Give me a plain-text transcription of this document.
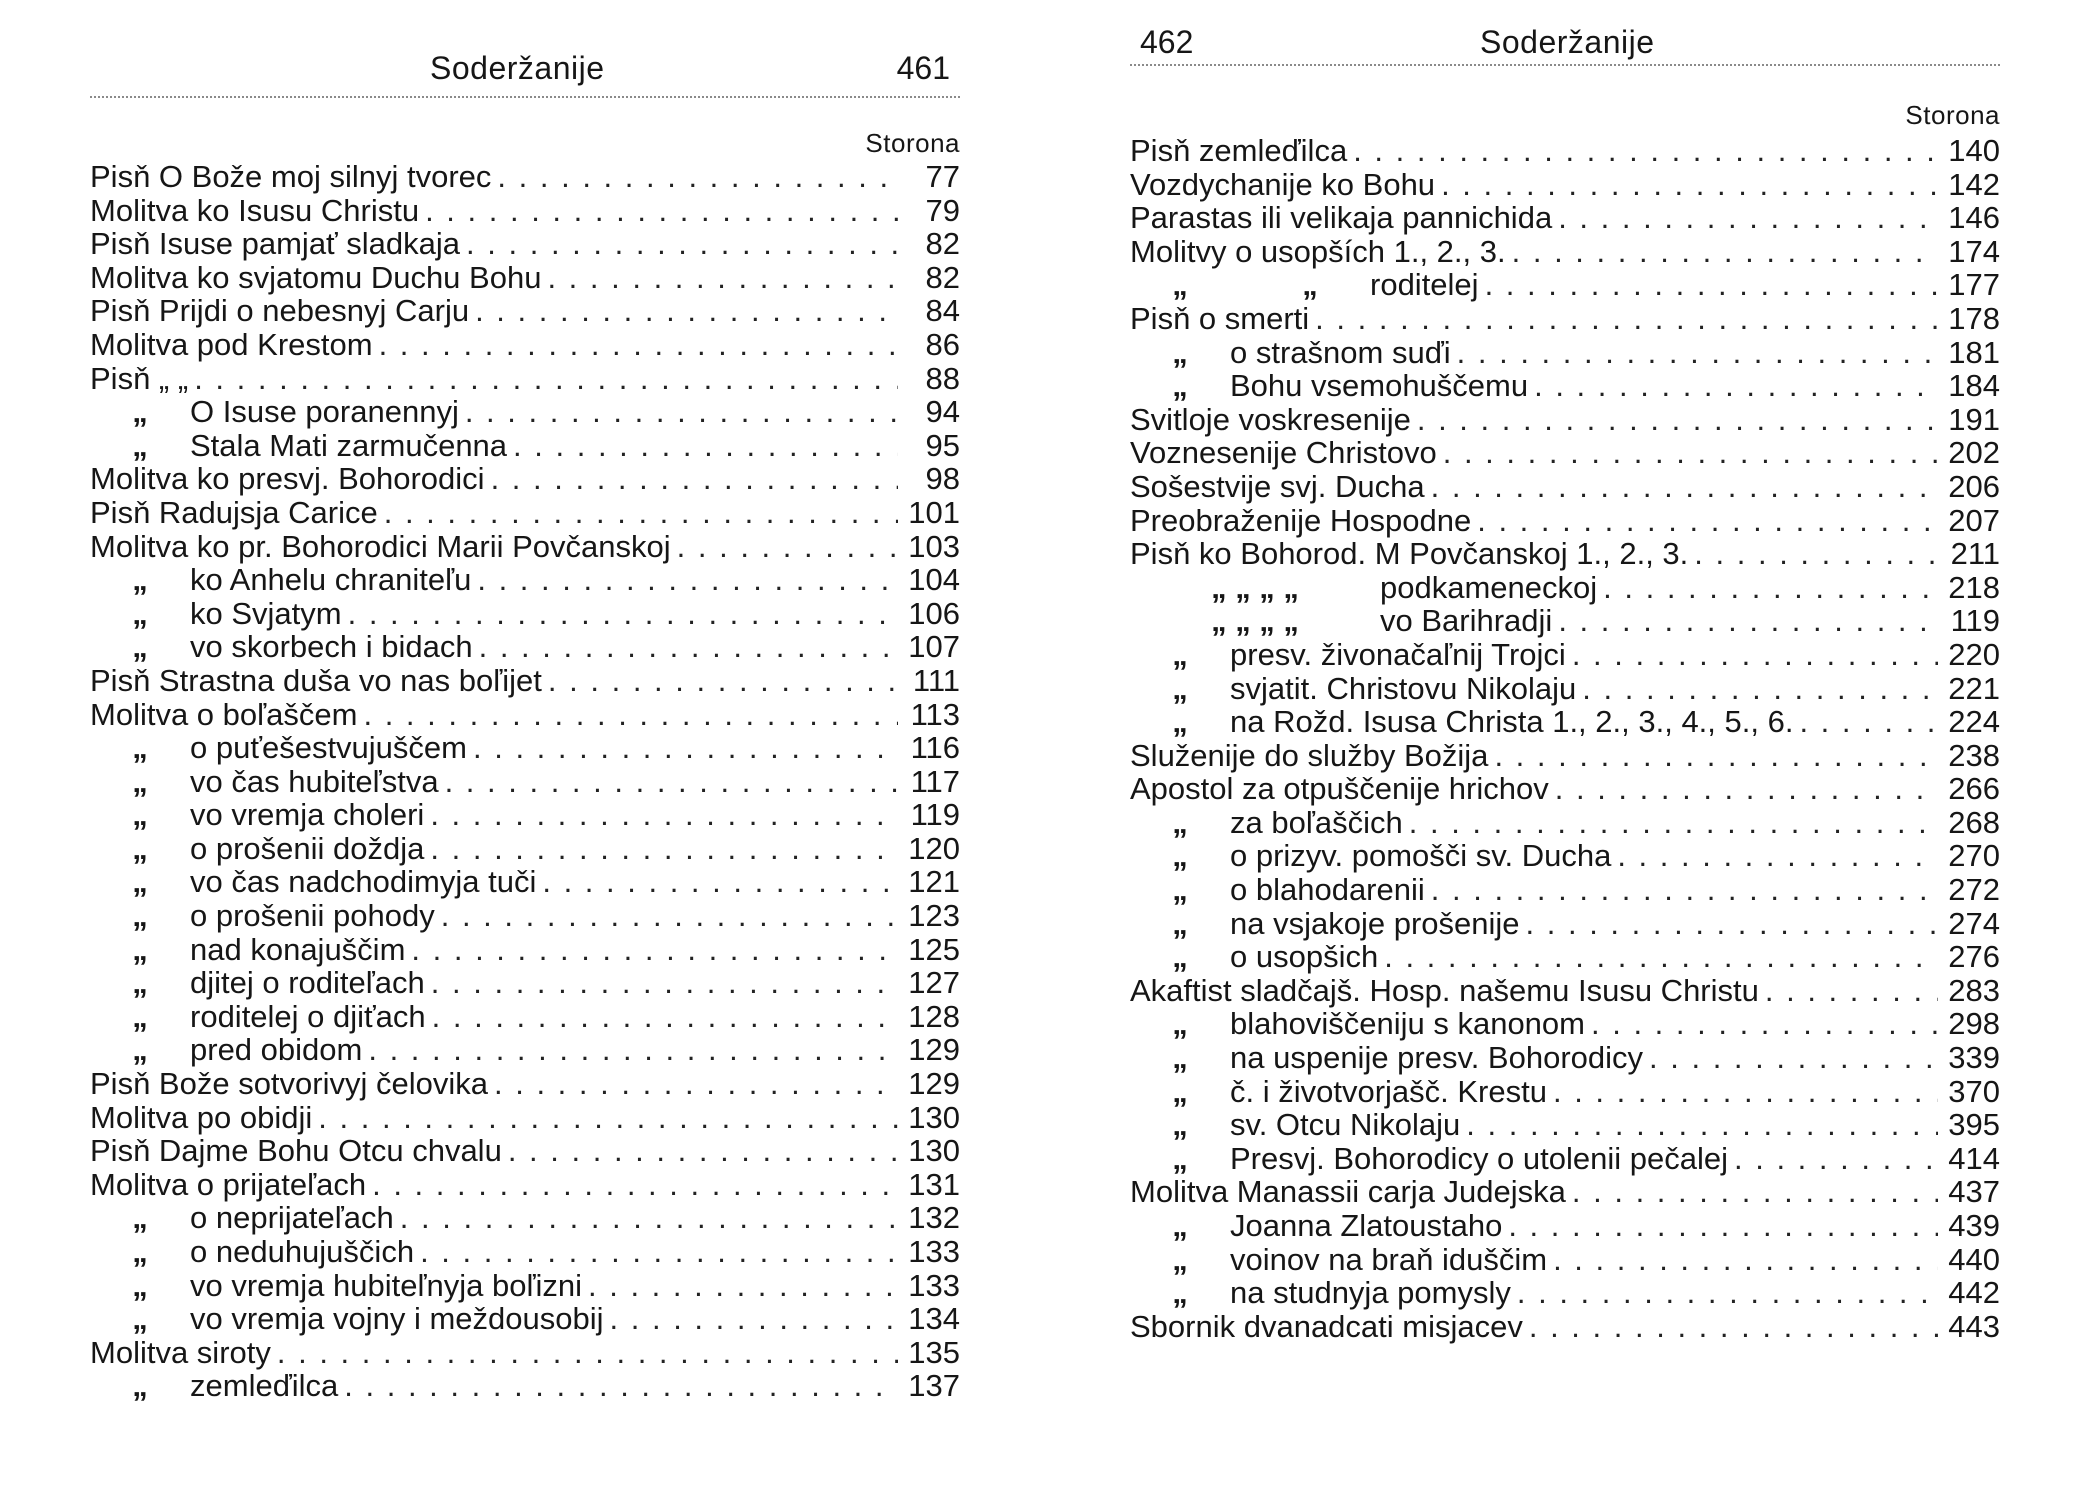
Soderžanije	461
Storona
Pisň O Bože moj silnyj tvorec . . .	77
Molitva ko Isusu Christu . . .	79
Pisň Isuse pamjať sladkaja . . .	82
Molitva ko svjatomu Duchu Bohu . . .	82
Pisň Prijdi o nebesnyj Carju . . .	84
Molitva pod Krestom . . .	86
Pisň „ „ . . .	88
„	O Isuse poranennyj . . .	94
„	Stala Mati zarmučenna . . .	95
Molitva ko presvj. Bohorodici . . .	98
Pisň Radujsja Carice . . .	101
Molitva ko pr. Bohorodici Marii Povčanskoj . . .	103
„	ko Anhelu chraniteľu . . .	104
„	ko Svjatym . . .	106
„	vo skorbech i bidach . . .	107
Pisň Strastna duša vo nas boľijet . . .	111
Molitva o boľaščem . . .	113
„	o puťešestvujuščem . . .	116
„	vo čas hubiteľstva . . .	117
„	vo vremja choleri . . .	119
„	o prošenii doždja . . .	120
„	vo čas nadchodimyja tuči . . .	121
„	o prošenii pohody . . .	123
„	nad konajuščim . . .	125
„	djitej o roditeľach . . .	127
„	roditelej o djiťach . . .	128
„	pred obidom . . .	129
Pisň Bože sotvorivyj čelovika . . .	129
Molitva po obidji . . .	130
Pisň Dajme Bohu Otcu chvalu . . .	130
Molitva o prijateľach . . .	131
„	o neprijateľach . . .	132
„	o neduhujuščich . . .	133
„	vo vremja hubiteľnyja boľizni . . .	133
„	vo vremja vojny i meždousobij . . .	134
Molitva siroty . . .	135
„	zemleďilca . . .	137
462	Soderžanije
Storona
Pisň zemleďilca . . .	140
Vozdychanije ko Bohu . . .	142
Parastas ili velikaja pannichida . . .	146
Molitvy o usopších 1., 2., 3. . . .	174
„	„	roditelej . . .	177
Pisň o smerti . . .	178
„	o strašnom suďi . . .	181
„	Bohu vsemohuščemu . . .	184
Svitloje voskresenije . . .	191
Voznesenije Christovo . . .	202
Sošestvije svj. Ducha . . .	206
Preobraženije Hospodne . . .	207
Pisň ko Bohorod. M Povčanskoj 1., 2., 3. . . .	211
„ „ „ „	podkameneckoj . . .	218
„ „ „ „	vo Barihradji . . .	119
„	presv. živonačaľnij Trojci . . .	220
„	svjatit. Christovu Nikolaju . . .	221
„	na Rožd. Isusa Christa 1., 2., 3., 4., 5., 6. . . .	224
Služenije do služby Božija . . .	238
Apostol za otpuščenije hrichov . . .	266
„	za boľaščich . . .	268
„	o prizyv. pomošči sv. Ducha . . .	270
„	o blahodarenii . . .	272
„	na vsjakoje prošenije . . .	274
„	o usopšich . . .	276
Akaftist sladčajš. Hosp. našemu Isusu Christu . . .	283
„	blahoviščeniju s kanonom . . .	298
„	na uspenije presv. Bohorodicy . . .	339
„	č. i životvorjašč. Krestu . . .	370
„	sv. Otcu Nikolaju . . .	395
„	Presvj. Bohorodicy o utolenii pečalej . . .	414
Molitva Manassii carja Judejska . . .	437
„	Joanna Zlatoustaho . . .	439
„	voinov na braň iduščim . . .	440
„	na studnyja pomysly . . .	442
Sbornik dvanadcati misjacev . . .	443
